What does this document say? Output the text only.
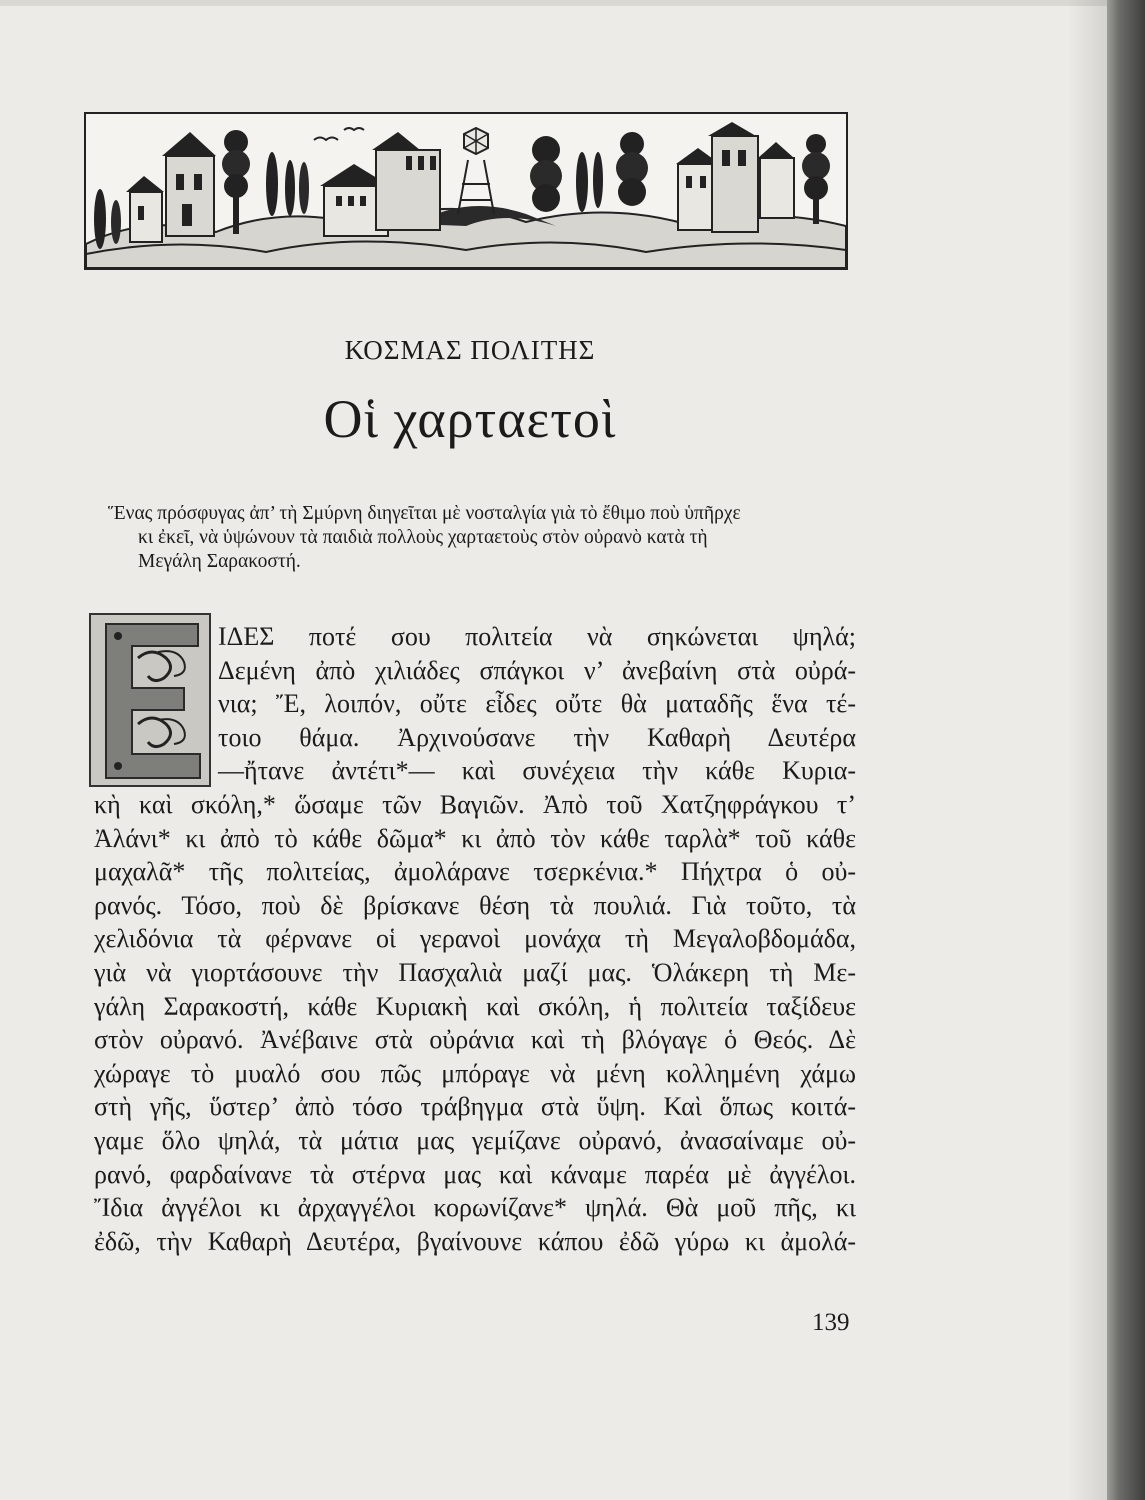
ΚΟΣΜΑΣ ΠΟΛΙΤΗΣ
Οἱ χαρταετοὶ
Ἕνας πρόσφυγας ἀπ’ τὴ Σμύρνη διηγεῖται μὲ νοσταλγία γιὰ τὸ ἔθιμο ποὺ ὑπῆρχε
κι ἐκεῖ, νὰ ὑψώνουν τὰ παιδιὰ πολλοὺς χαρταετοὺς στὸν οὐρανὸ κατὰ τὴ
Μεγάλη Σαρακοστή.
ΙΔΕΣ ποτέ σου πολιτεία νὰ σηκώνεται ψηλά;
Δεμένη ἀπὸ χιλιάδες σπάγκοι ν’ ἀνεβαίνη στὰ οὐρά-
νια; Ἔ, λοιπόν, οὔτε εἶδες οὔτε θὰ ματαδῆς ἕνα τέ-
τοιο θάμα. Ἀρχινούσανε τὴν Καθαρὴ Δευτέρα
—ἤτανε ἀντέτι*— καὶ συνέχεια τὴν κάθε Κυρια-
κὴ καὶ σκόλη,* ὥσαμε τῶν Βαγιῶν. Ἀπὸ τοῦ Χατζηφράγκου τ’
Ἀλάνι* κι ἀπὸ τὸ κάθε δῶμα* κι ἀπὸ τὸν κάθε ταρλὰ* τοῦ κάθε
μαχαλᾶ* τῆς πολιτείας, ἀμολάρανε τσερκένια.* Πήχτρα ὁ οὐ-
ρανός. Τόσο, ποὺ δὲ βρίσκανε θέση τὰ πουλιά. Γιὰ τοῦτο, τὰ
χελιδόνια τὰ φέρνανε οἱ γερανοὶ μονάχα τὴ Μεγαλοβδομάδα,
γιὰ νὰ γιορτάσουνε τὴν Πασχαλιὰ μαζί μας. Ὁλάκερη τὴ Με-
γάλη Σαρακοστή, κάθε Κυριακὴ καὶ σκόλη, ἡ πολιτεία ταξίδευε
στὸν οὐρανό. Ἀνέβαινε στὰ οὐράνια καὶ τὴ βλόγαγε ὁ Θεός. Δὲ
χώραγε τὸ μυαλό σου πῶς μπόραγε νὰ μένη κολλημένη χάμω
στὴ γῆς, ὕστερ’ ἀπὸ τόσο τράβηγμα στὰ ὕψη. Καὶ ὅπως κοιτά-
γαμε ὅλο ψηλά, τὰ μάτια μας γεμίζανε οὐρανό, ἀνασαίναμε οὐ-
ρανό, φαρδαίνανε τὰ στέρνα μας καὶ κάναμε παρέα μὲ ἀγγέλοι.
Ἴδια ἀγγέλοι κι ἀρχαγγέλοι κορωνίζανε* ψηλά. Θὰ μοῦ πῆς, κι
ἐδῶ, τὴν Καθαρὴ Δευτέρα, βγαίνουνε κάπου ἐδῶ γύρω κι ἀμολά-
139
